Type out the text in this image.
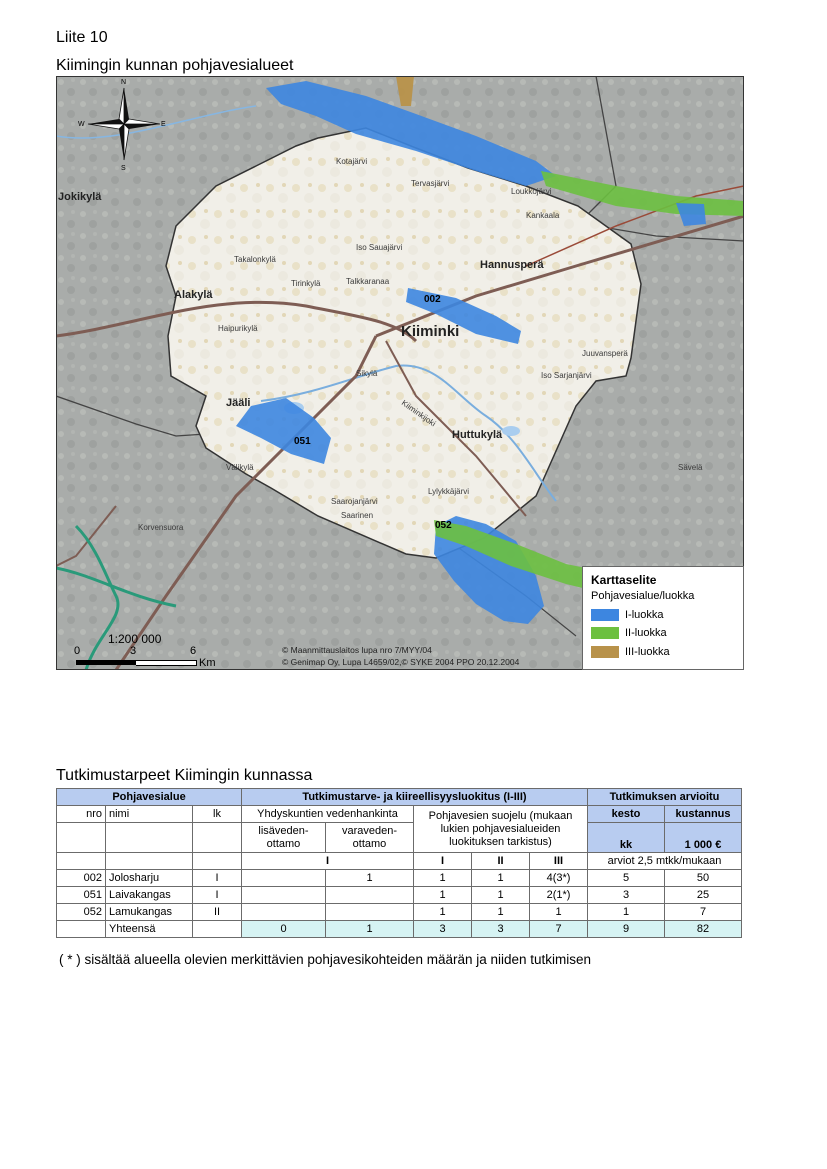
Liite 10
Kiimingin kunnan pohjavesialueet
002
051
052
Kiiminki
Alakylä
Jokikylä
Hannusperä
Huttukylä
Jääli	Kiiminkijoki
Välikylä
Juuvansperä
Kotajärvi
Tervasjärvi
Loukkojärvi
Kankaala
Takalonkylä
Tirinkylä	Talkkaranaa
Sikylä
Haipurikylä
Iso Sarjanjärvi
Iso Sauajärvi
Lylykkäjärvi
Saarinen
Saarojanjärvi
Sävelä
Korvensuora
N
S
E
W
1:200 000
0	3	6
Km
© Maanmittauslaitos lupa nro 7/MYY/04
© Genimap Oy, Lupa L4659/02,© SYKE 2004 PPO 20.12.2004
Karttaselite
Pohjavesialue/luokka
I-luokka
II-luokka
III-luokka
Tutkimustarpeet Kiimingin kunnassa
Pohjavesialue			Tutkimustarve- ja kiireellisyysluokitus (I-III)					Tutkimuksen arvioitu	
nro	nimi	lk	Yhdyskuntien vedenhankinta		Pohjavesien suojelu (mukaan lukien pohjavesialueiden luokituksen tarkistus)			kesto	kustannus
			lisäveden-ottamo	varaveden-ottamo				kk	1 000 €
			I		I	II	III	arviot 2,5 mtkk/mukaan	
002	Jolosharju	I		1	1	1	4(3*)	5	50
051	Laivakangas	I			1	1	2(1*)	3	25
052	Lamukangas	II			1	1	1	1	7
	Yhteensä		0	1	3	3	7	9	82
( * ) sisältää alueella olevien merkittävien pohjavesikohteiden määrän ja niiden tutkimisen
